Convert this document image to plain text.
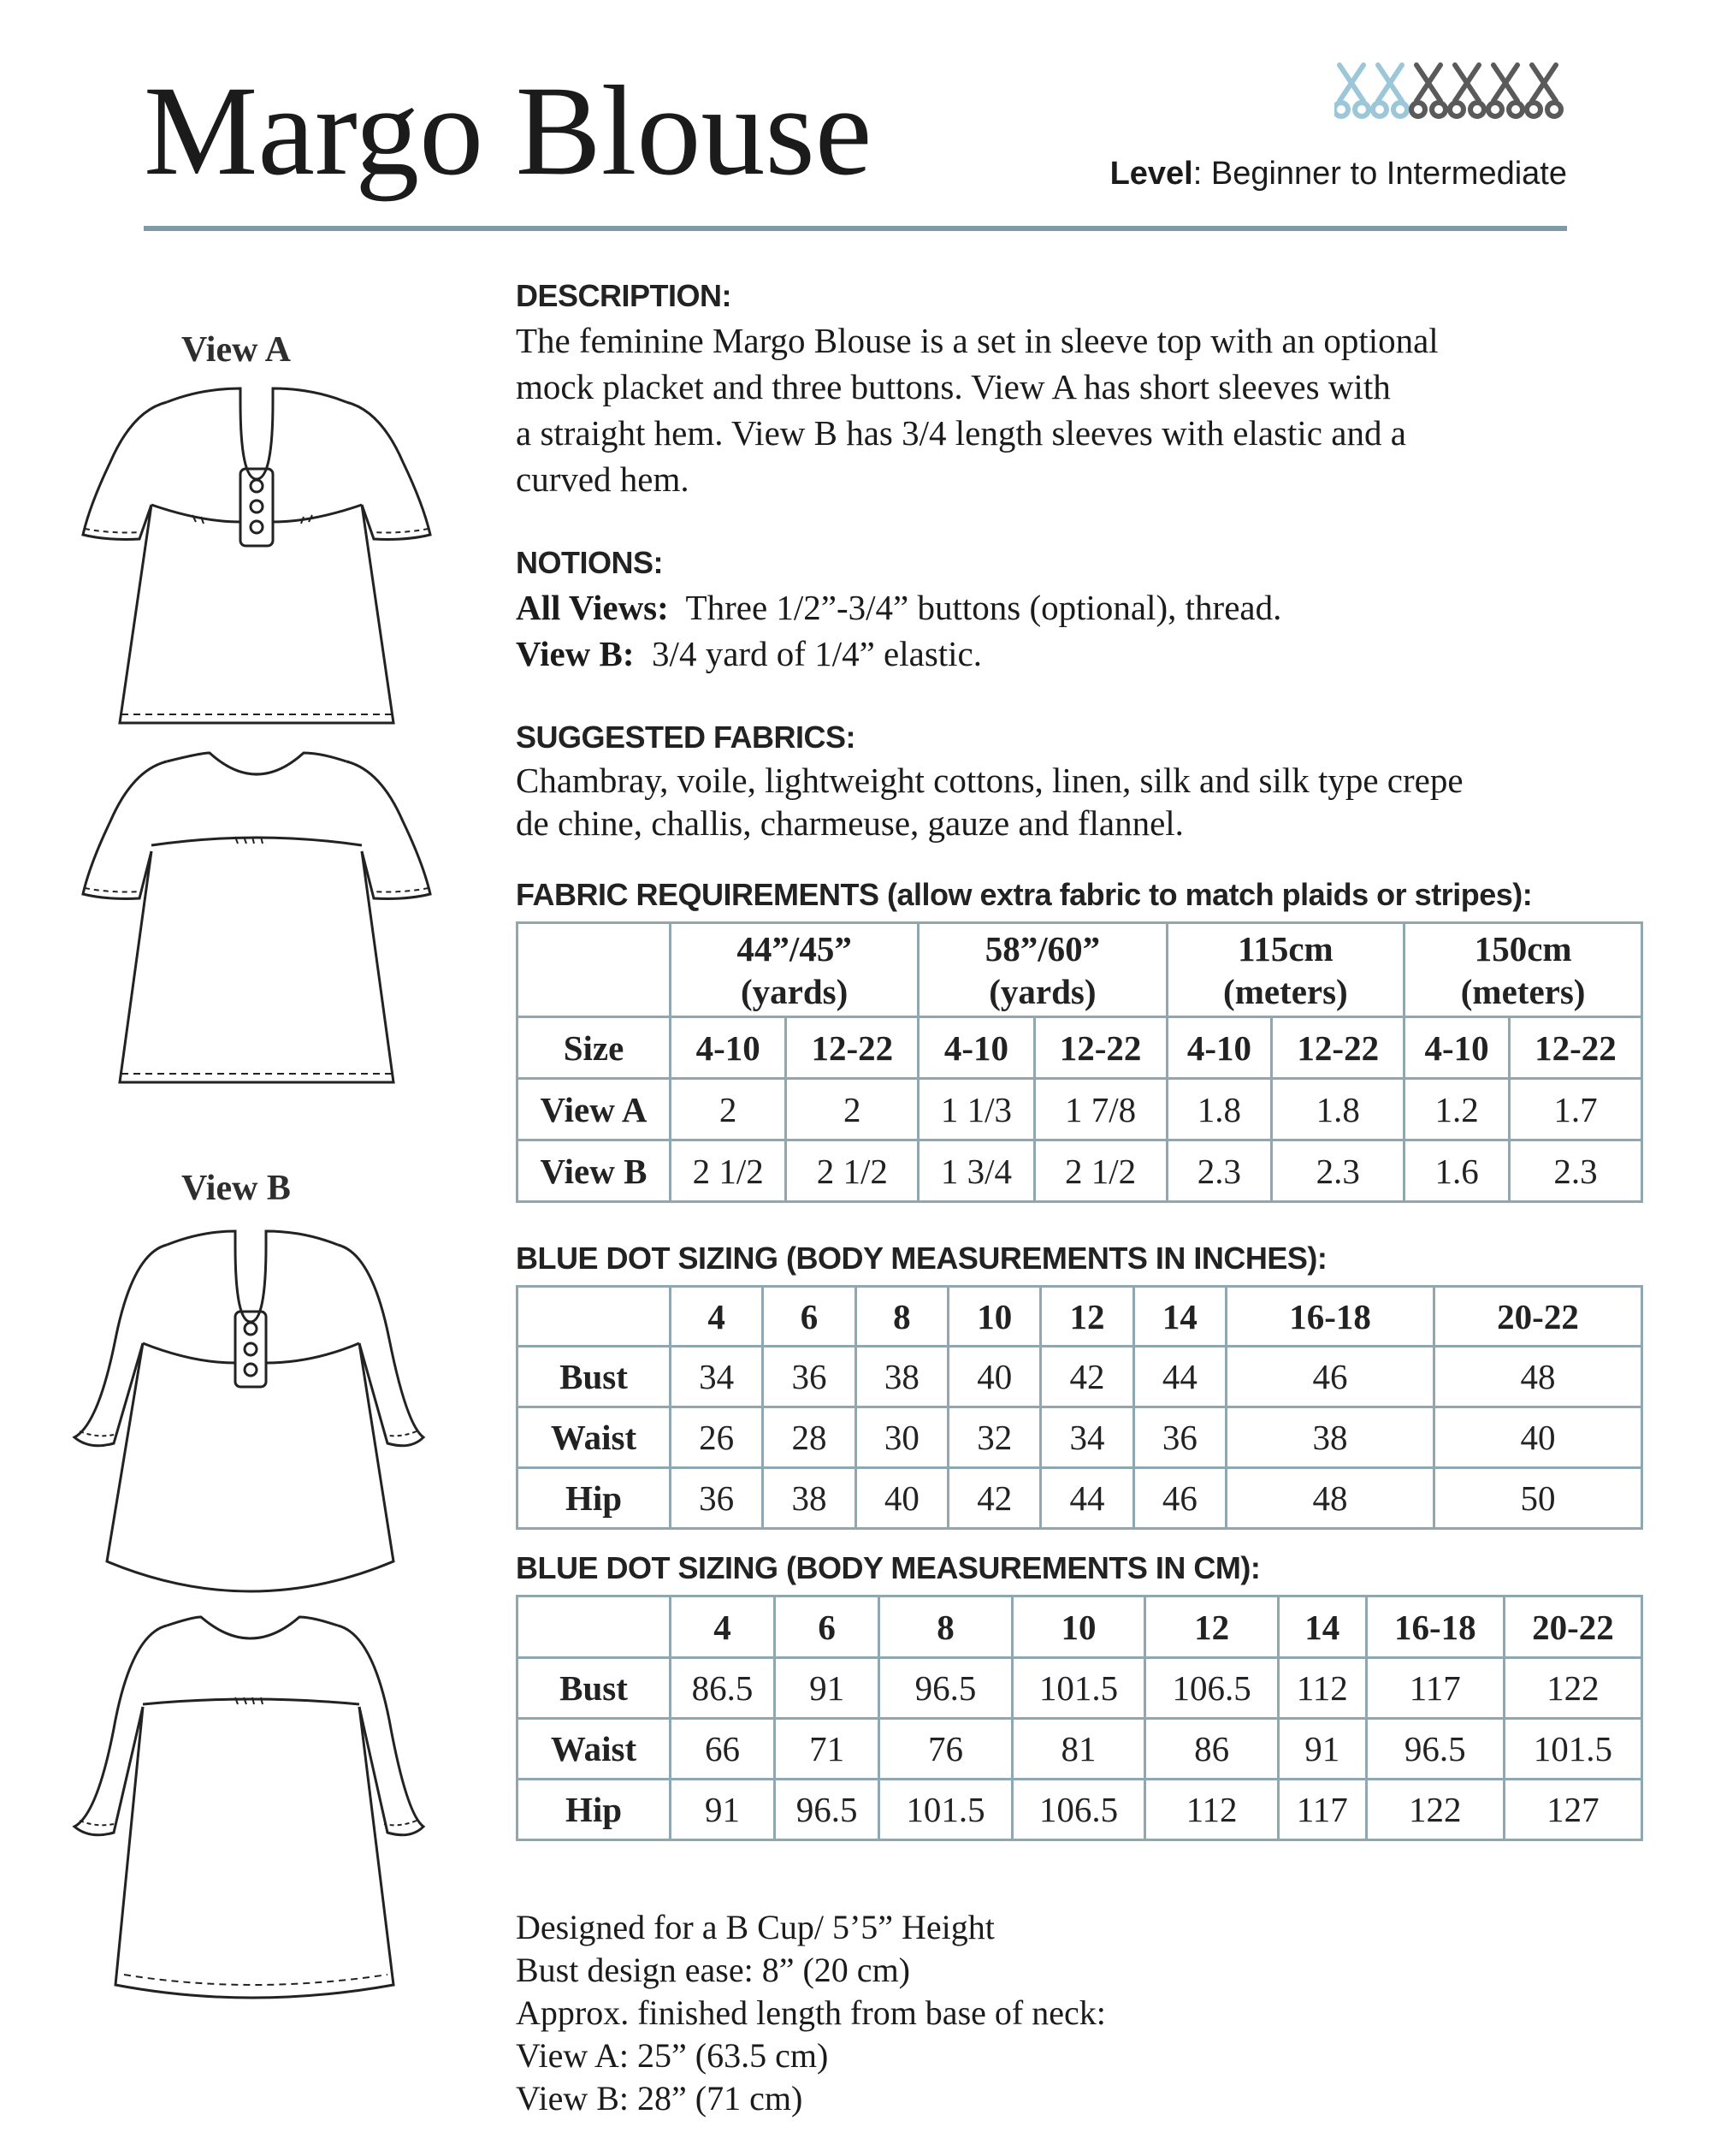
Margo Blouse	Level: Beginner to Intermediate
View A
View B
DESCRIPTION:

The feminine Margo Blouse is a set in sleeve top with an optional

mock placket and three buttons. View A has short sleeves with

a straight hem. View B has 3/4 length sleeves with elastic and a

curved hem.

NOTIONS:

All Views:  Three 1/2”-3/4” buttons (optional), thread.

View B:  3/4 yard of 1/4” elastic.

SUGGESTED FABRICS:

Chambray, voile, lightweight cottons, linen, silk and silk type crepe

de chine, challis, charmeuse, gauze and flannel.

FABRIC REQUIREMENTS (allow extra fabric to match plaids or stripes):
	44”/45”
(yards)		58”/60”
(yards)		115cm
(meters)		150cm
(meters)	
Size	4-10	12-22	4-10	12-22	4-10	12-22	4-10	12-22
View A	2	2	1 1/3	1 7/8	1.8	1.8	1.2	1.7
View B	2 1/2	2 1/2	1 3/4	2 1/2	2.3	2.3	1.6	2.3
BLUE DOT SIZING (BODY MEASUREMENTS IN INCHES):
	4	6	8	10	12	14	16-18	20-22
Bust	34	36	38	40	42	44	46	48
Waist	26	28	30	32	34	36	38	40
Hip	36	38	40	42	44	46	48	50
BLUE DOT SIZING (BODY MEASUREMENTS IN CM):
	4	6	8	10	12	14	16-18	20-22
Bust	86.5	91	96.5	101.5	106.5	112	117	122
Waist	66	71	76	81	86	91	96.5	101.5
Hip	91	96.5	101.5	106.5	112	117	122	127
Designed for a B Cup/ 5’5” Height
Bust design ease: 8” (20 cm)
Approx. finished length from base of neck:
View A: 25” (63.5 cm)
View B: 28” (71 cm)
